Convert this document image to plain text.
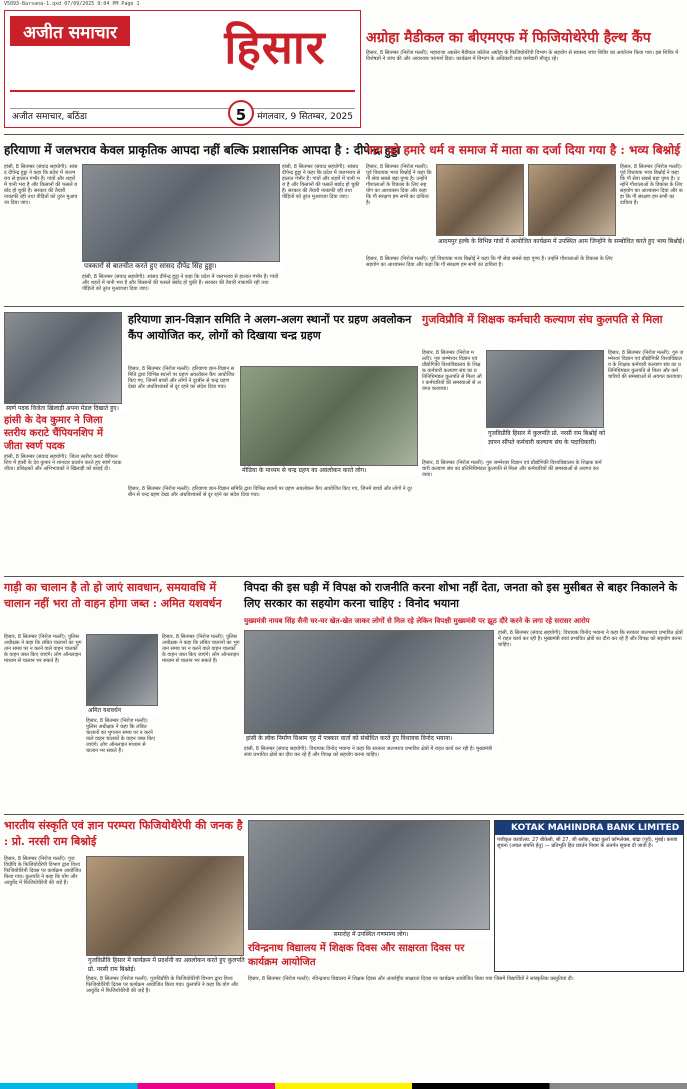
V5093-Barsana-1.qxd 07/09/2025 9:04 PM Page 1
अजीत समाचार	हिसार
अजीत समाचार, बठिंडा	मंगलवार, 9 सितम्बर, 2025
5
अग्रोहा मैडीकल का बीएमएफ में फिजियोथेरेपी हैल्थ कैंप
हिसार, 8 सितम्बर (निरोज मल्ली): महाराजा अग्रसेन मैडीकल कॉलेज अग्रोहा के फिजियोथेरेपी विभाग के सहयोग से स्वास्थ्य जांच शिविर का आयोजन किया गया। इस शिविर में विशेषज्ञों ने जांच की और आवश्यक परामर्श दिया। कार्यक्रम में विभाग के अधिकारी तथा कर्मचारी मौजूद रहे।
हरियाणा में जलभराव केवल प्राकृतिक आपदा नहीं बल्कि प्रशासनिक आपदा है : दीपेन्द्र हुड्डा
हांसी, 8 सितम्बर (संवाद सहयोगी): सांसद दीपेन्द्र हुड्डा ने कहा कि प्रदेश में जलभराव से हालात गंभीर हैं। गांवों और शहरों में पानी भरा है और किसानों की फसलें बर्बाद हो चुकी हैं। सरकार की तैयारी नाकाफी रही तथा पीड़ितों को तुरंत मुआवजा दिया जाए।
पत्रकारों से बातचीत करते हुए सांसद दीपेंद्र सिंह हुड्डा।
हांसी, 8 सितम्बर (संवाद सहयोगी): सांसद दीपेन्द्र हुड्डा ने कहा कि प्रदेश में जलभराव से हालात गंभीर हैं। गांवों और शहरों में पानी भरा है और किसानों की फसलें बर्बाद हो चुकी हैं। सरकार की तैयारी नाकाफी रही तथा पीड़ितों को तुरंत मुआवजा दिया जाए।
हांसी, 8 सितम्बर (संवाद सहयोगी): सांसद दीपेन्द्र हुड्डा ने कहा कि प्रदेश में जलभराव से हालात गंभीर हैं। गांवों और शहरों में पानी भरा है और किसानों की फसलें बर्बाद हो चुकी हैं। सरकार की तैयारी नाकाफी रही तथा पीड़ितों को तुरंत मुआवजा दिया जाए।
गाय को हमारे धर्म व समाज में माता का दर्जा दिया गया है : भव्य बिश्नोई
हिसार, 8 सितम्बर (निरोज मल्ली): पूर्व विधायक भव्य बिश्नोई ने कहा कि गौ सेवा सबसे बड़ा पुण्य है। उन्होंने गौशालाओं के विकास के लिए सहयोग का आश्वासन दिया और कहा कि गौ संरक्षण हम सभी का दायित्व है।
आदमपुर हल्के के विभिन्न गांवों में आयोजित कार्यक्रम में उपस्थित आम जिन्होंने के सम्बोधित करते हुए भव्य बिश्नोई।
हिसार, 8 सितम्बर (निरोज मल्ली): पूर्व विधायक भव्य बिश्नोई ने कहा कि गौ सेवा सबसे बड़ा पुण्य है। उन्होंने गौशालाओं के विकास के लिए सहयोग का आश्वासन दिया और कहा कि गौ संरक्षण हम सभी का दायित्व है।
हिसार, 8 सितम्बर (निरोज मल्ली): पूर्व विधायक भव्य बिश्नोई ने कहा कि गौ सेवा सबसे बड़ा पुण्य है। उन्होंने गौशालाओं के विकास के लिए सहयोग का आश्वासन दिया और कहा कि गौ संरक्षण हम सभी का दायित्व है।
स्वर्ण पदक विजेता खिलाड़ी अपना मेडल दिखाते हुए।
हांसी के देव कुमार ने जिला स्तरीय कराटे चैंपियनशिप में जीता स्वर्ण पदक
हांसी, 8 सितम्बर (संवाद सहयोगी): जिला स्तरीय कराटे चैंपियनशिप में हांसी के देव कुमार ने शानदार प्रदर्शन करते हुए स्वर्ण पदक जीता। प्रशिक्षकों और अभिभावकों ने खिलाड़ी को बधाई दी।
हरियाणा ज्ञान-विज्ञान समिति ने अलग-अलग स्थानों पर ग्रहण अवलोकन कैंप आयोजित कर, लोगों को दिखाया चन्द्र ग्रहण
हिसार, 8 सितम्बर (निरोज मल्ली): हरियाणा ज्ञान-विज्ञान समिति द्वारा विभिन्न स्थानों पर ग्रहण अवलोकन कैंप आयोजित किए गए, जिनमें बच्चों और लोगों ने दूरबीन से चन्द्र ग्रहण देखा और अंधविश्वासों से दूर रहने का संदेश दिया गया।
मीडिया के माध्यम से चन्द्र ग्रहण का अवलोकन करते लोग।
हिसार, 8 सितम्बर (निरोज मल्ली): हरियाणा ज्ञान-विज्ञान समिति द्वारा विभिन्न स्थानों पर ग्रहण अवलोकन कैंप आयोजित किए गए, जिनमें बच्चों और लोगों ने दूरबीन से चन्द्र ग्रहण देखा और अंधविश्वासों से दूर रहने का संदेश दिया गया।
गुजविप्रौवि में शिक्षक कर्मचारी कल्याण संघ कुलपति से मिला
हिसार, 8 सितम्बर (निरोज मल्ली): गुरु जम्भेश्वर विज्ञान एवं प्रौद्योगिकी विश्वविद्यालय के शिक्षक कर्मचारी कल्याण संघ का प्रतिनिधिमंडल कुलपति से मिला और कर्मचारियों की समस्याओं से अवगत करवाया।
गुजविप्रौवि हिसार में कुलपति प्रो. नरसी राम बिश्नोई को ज्ञापन सौंपते कर्मचारी कल्याण संघ के पदाधिकारी।
हिसार, 8 सितम्बर (निरोज मल्ली): गुरु जम्भेश्वर विज्ञान एवं प्रौद्योगिकी विश्वविद्यालय के शिक्षक कर्मचारी कल्याण संघ का प्रतिनिधिमंडल कुलपति से मिला और कर्मचारियों की समस्याओं से अवगत करवाया।
हिसार, 8 सितम्बर (निरोज मल्ली): गुरु जम्भेश्वर विज्ञान एवं प्रौद्योगिकी विश्वविद्यालय के शिक्षक कर्मचारी कल्याण संघ का प्रतिनिधिमंडल कुलपति से मिला और कर्मचारियों की समस्याओं से अवगत करवाया।
गाड़ी का चालान है तो हो जाएं सावधान, समयावधि में चालान नहीं भरा तो वाहन होगा जब्त : अमित यशवर्धन
हिसार, 8 सितम्बर (निरोज मल्ली): पुलिस अधीक्षक ने कहा कि लंबित चालानों का भुगतान समय पर न करने वाले वाहन चालकों के वाहन जब्त किए जाएंगे। लोग ऑनलाइन माध्यम से चालान भर सकते हैं।
अमित यशवर्धन
हिसार, 8 सितम्बर (निरोज मल्ली): पुलिस अधीक्षक ने कहा कि लंबित चालानों का भुगतान समय पर न करने वाले वाहन चालकों के वाहन जब्त किए जाएंगे। लोग ऑनलाइन माध्यम से चालान भर सकते हैं।
हिसार, 8 सितम्बर (निरोज मल्ली): पुलिस अधीक्षक ने कहा कि लंबित चालानों का भुगतान समय पर न करने वाले वाहन चालकों के वाहन जब्त किए जाएंगे। लोग ऑनलाइन माध्यम से चालान भर सकते हैं।
विपदा की इस घड़ी में विपक्ष को राजनीति करना शोभा नहीं देता, जनता को इस मुसीबत से बाहर निकालने के लिए सरकार का सहयोग करना चाहिए : विनोद भयाना
मुख्यमंत्री नायब सिंह सैनी घर-घर खेत-खेत जाकर लोगों से मिल रहे लेकिन विपक्षी मुख्यमंत्री पर झूठ दौरे करने के लगा रहे सरासर आरोप
हांसी के लोक निर्माण विश्राम गृह में पत्रकार वार्ता को संबोधित करते हुए विधायक विनोद भयाना।
हांसी, 8 सितम्बर (संवाद सहयोगी): विधायक विनोद भयाना ने कहा कि सरकार जलभराव प्रभावित क्षेत्रों में राहत कार्य कर रही है। मुख्यमंत्री स्वयं प्रभावित क्षेत्रों का दौरा कर रहे हैं और विपक्ष को सहयोग करना चाहिए।
हांसी, 8 सितम्बर (संवाद सहयोगी): विधायक विनोद भयाना ने कहा कि सरकार जलभराव प्रभावित क्षेत्रों में राहत कार्य कर रही है। मुख्यमंत्री स्वयं प्रभावित क्षेत्रों का दौरा कर रहे हैं और विपक्ष को सहयोग करना चाहिए।
भारतीय संस्कृति एवं ज्ञान परम्परा फिजियोथैरेपी की जनक है : प्रो. नरसी राम बिश्नोई
हिसार, 8 सितम्बर (निरोज मल्ली): गुजविप्रौवि के फिजियोथैरेपी विभाग द्वारा विश्व फिजियोथैरेपी दिवस पर कार्यक्रम आयोजित किया गया। कुलपति ने कहा कि योग और आयुर्वेद में फिजियोथैरेपी की जड़ें हैं।
गुजविप्रौवि हिसार में कार्यक्रम में प्रदर्शनी का अवलोकन करते हुए कुलपति प्रो. नरसी राम बिश्नोई।
हिसार, 8 सितम्बर (निरोज मल्ली): गुजविप्रौवि के फिजियोथैरेपी विभाग द्वारा विश्व फिजियोथैरेपी दिवस पर कार्यक्रम आयोजित किया गया। कुलपति ने कहा कि योग और आयुर्वेद में फिजियोथैरेपी की जड़ें हैं।
समारोह में उपस्थित गणमान्य लोग।
रविन्द्रनाथ विद्यालय में शिक्षक दिवस और साक्षरता दिवस पर कार्यक्रम आयोजित
हिसार, 8 सितम्बर (निरोज मल्ली): रविन्द्रनाथ विद्यालय में शिक्षक दिवस और अंतर्राष्ट्रीय साक्षरता दिवस पर कार्यक्रम आयोजित किया गया जिसमें विद्यार्थियों ने सांस्कृतिक प्रस्तुतियां दीं।
KOTAK MAHINDRA BANK LIMITED
पंजीकृत कार्यालय: 27 बीकेसी, सी 27, जी ब्लॉक, बांद्रा कुर्ला कॉम्प्लेक्स, बांद्रा (पूर्व), मुंबई। कब्जा सूचना (अचल संपत्ति हेतु) — प्रतिभूति हित प्रवर्तन नियम के अंतर्गत सूचना दी जाती है।
